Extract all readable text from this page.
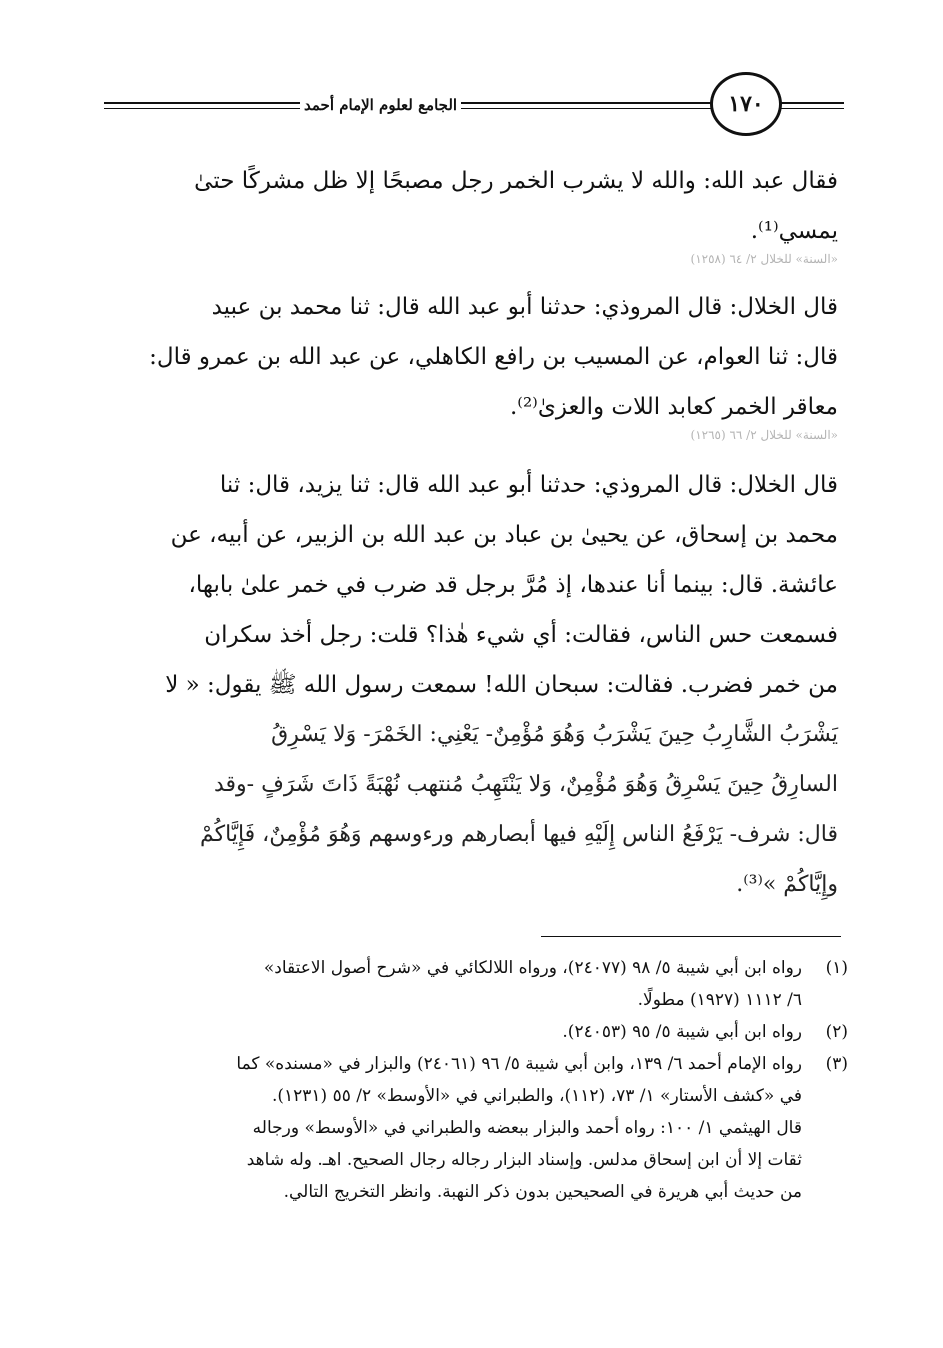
الجامع لعلوم الإمام أحمد	١٧٠
فقال عبد الله: والله لا يشرب الخمر رجل مصبحًا إلا ظل مشركًا حتىٰ
يمسي⁽¹⁾.
«السنة» للخلال ٢/ ٦٤ (١٢٥٨)
قال الخلال: قال المروذي: حدثنا أبو عبد الله قال: ثنا محمد بن عبيد
قال: ثنا العوام، عن المسيب بن رافع الكاهلي، عن عبد الله بن عمرو قال:
معاقر الخمر كعابد اللات والعزىٰ⁽²⁾.
«السنة» للخلال ٢/ ٦٦ (١٢٦٥)
قال الخلال: قال المروذي: حدثنا أبو عبد الله قال: ثنا يزيد، قال: ثنا
محمد بن إسحاق، عن يحيىٰ بن عباد بن عبد الله بن الزبير، عن أبيه، عن
عائشة. قال: بينما أنا عندها، إذ مُرَّ برجل قد ضرب في خمر علىٰ بابها،
فسمعت حس الناس، فقالت: أي شيء هٰذا؟ قلت: رجل أخذ سكران
من خمر فضرب. فقالت: سبحان الله! سمعت رسول الله ﷺ يقول: « لا
يَشْرَبُ الشَّارِبُ حِينَ يَشْرَبُ وَهُوَ مُؤْمِنٌ- يَعْنِي: الخَمْرَ- وَلا يَسْرِقُ
السارِقُ حِينَ يَسْرِقُ وَهُوَ مُؤْمِنٌ، وَلا يَنْتَهِبُ مُنتهب نُهْبَةً ذَاتَ شَرَفٍ -وقد
قال: شرف- يَرْفَعُ الناس إِلَيْهِ فيها أبصارهم ورءوسهم وَهُوَ مُؤْمِنٌ، فَإِيَّاكُمْ
وإِيَّاكُمْ »⁽³⁾.
(١)
رواه ابن أبي شيبة ٥/ ٩٨ (٢٤٠٧٧)، ورواه اللالكائي في «شرح أصول الاعتقاد»
٦/ ١١١٢ (١٩٢٧) مطولًا.
(٢)
رواه ابن أبي شيبة ٥/ ٩٥ (٢٤٠٥٣).
(٣)
رواه الإمام أحمد ٦/ ١٣٩، وابن أبي شيبة ٥/ ٩٦ (٢٤٠٦١) والبزار في «مسنده» كما
في «كشف الأستار» ١/ ٧٣، (١١٢)، والطبراني في «الأوسط» ٢/ ٥٥ (١٢٣١).
قال الهيثمي ١/ ١٠٠: رواه أحمد والبزار ببعضه والطبراني في «الأوسط» ورجاله
ثقات إلا أن ابن إسحاق مدلس. وإسناد البزار رجاله رجال الصحيح. اهـ. وله شاهد
من حديث أبي هريرة في الصحيحين بدون ذكر النهبة. وانظر التخريج التالي.
